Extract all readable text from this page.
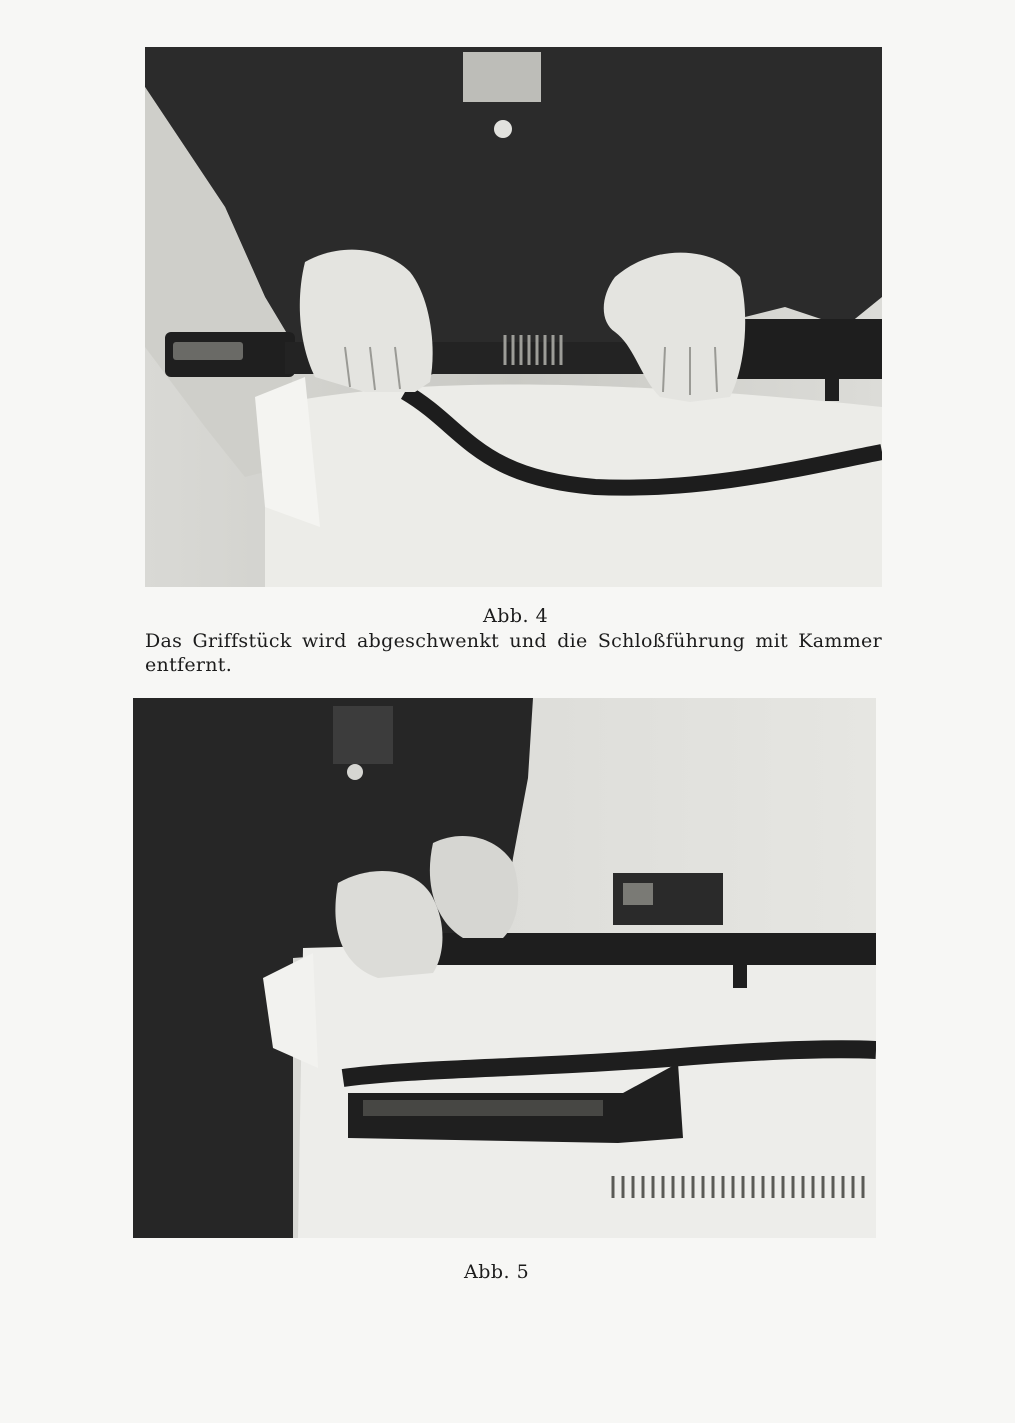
Abb. 4
Das Griffstück wird abgeschwenkt und die Schloßführung mit Kammer entfernt.
Abb. 5
